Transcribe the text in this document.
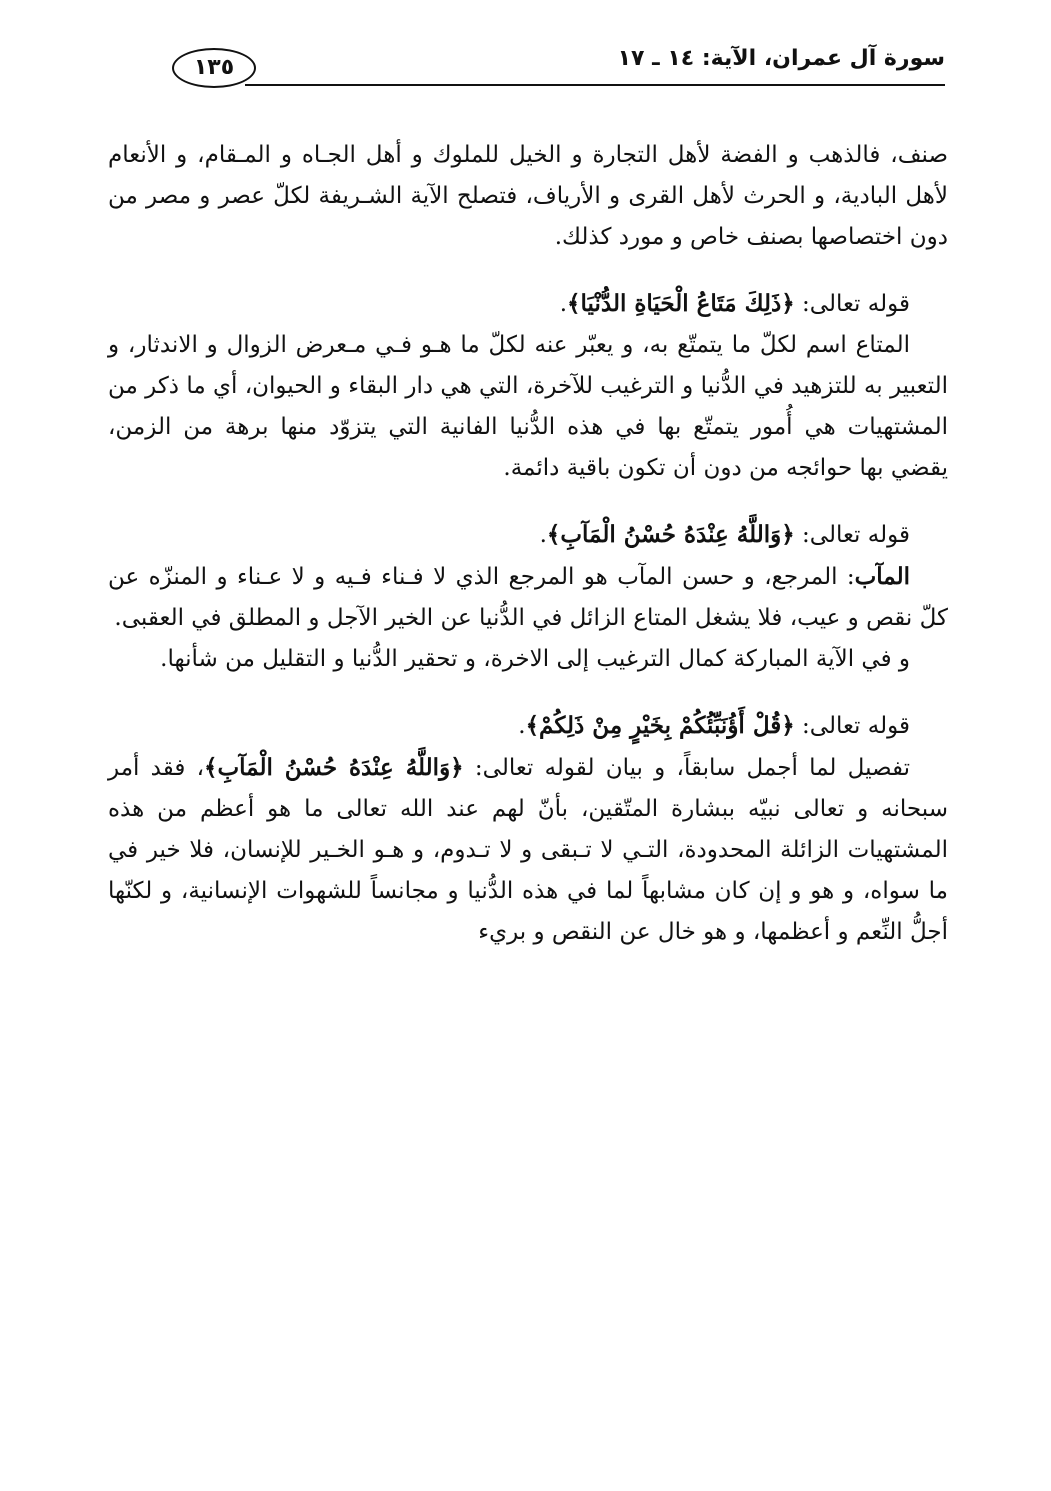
سورة آل عمران، الآية: ١٤ ـ ١٧
١٣٥

صنف، فالذهب و الفضة لأهل التجارة و الخيل للملوك و أهل الجـاه و المـقام، و الأنعام لأهل البادية، و الحرث لأهل القرى و الأرياف، فتصلح الآية الشـريفة لكلّ عصر و مصر من دون اختصاصها بصنف خاص و مورد كذلك.

قوله تعالى: ﴿ذَلِكَ مَتَاعُ الْحَيَاةِ الدُّنْيَا﴾.

المتاع اسم لكلّ ما يتمتّع به، و يعبّر عنه لكلّ ما هـو فـي مـعرض الزوال و الاندثار، و التعبير به للتزهيد في الدُّنيا و الترغيب للآخرة، التي هي دار البقاء و الحيوان، أي ما ذكر من المشتهيات هي أُمور يتمتّع بها في هذه الدُّنيا الفانية التي يتزوّد منها برهة من الزمن، يقضي بها حوائجه من دون أن تكون باقية دائمة.

قوله تعالى: ﴿وَاللَّهُ عِنْدَهُ حُسْنُ الْمَآبِ﴾.

المآب: المرجع، و حسن المآب هو المرجع الذي لا فـناء فـيه و لا عـناء و المنزّه عن كلّ نقص و عيب، فلا يشغل المتاع الزائل في الدُّنيا عن الخير الآجل و المطلق في العقبى.

و في الآية المباركة كمال الترغيب إلى الاخرة، و تحقير الدُّنيا و التقليل من شأنها.

قوله تعالى: ﴿قُلْ أَؤُنَبِّئُكُمْ بِخَيْرٍ مِنْ ذَلِكُمْ﴾.

تفصيل لما أجمل سابقاً، و بيان لقوله تعالى: ﴿وَاللَّهُ عِنْدَهُ حُسْنُ الْمَآبِ﴾، فقد أمر سبحانه و تعالى نبيّه ببشارة المتّقين، بأنّ لهم عند الله تعالى ما هو أعظم من هذه المشتهيات الزائلة المحدودة، التـي لا تـبقى و لا تـدوم، و هـو الخـير للإنسان، فلا خير في ما سواه، و هو و إن كان مشابهاً لما في هذه الدُّنيا و مجانساً للشهوات الإنسانية، و لكنّها أجلُّ النِّعم و أعظمها، و هو خال عن النقص و بريء
